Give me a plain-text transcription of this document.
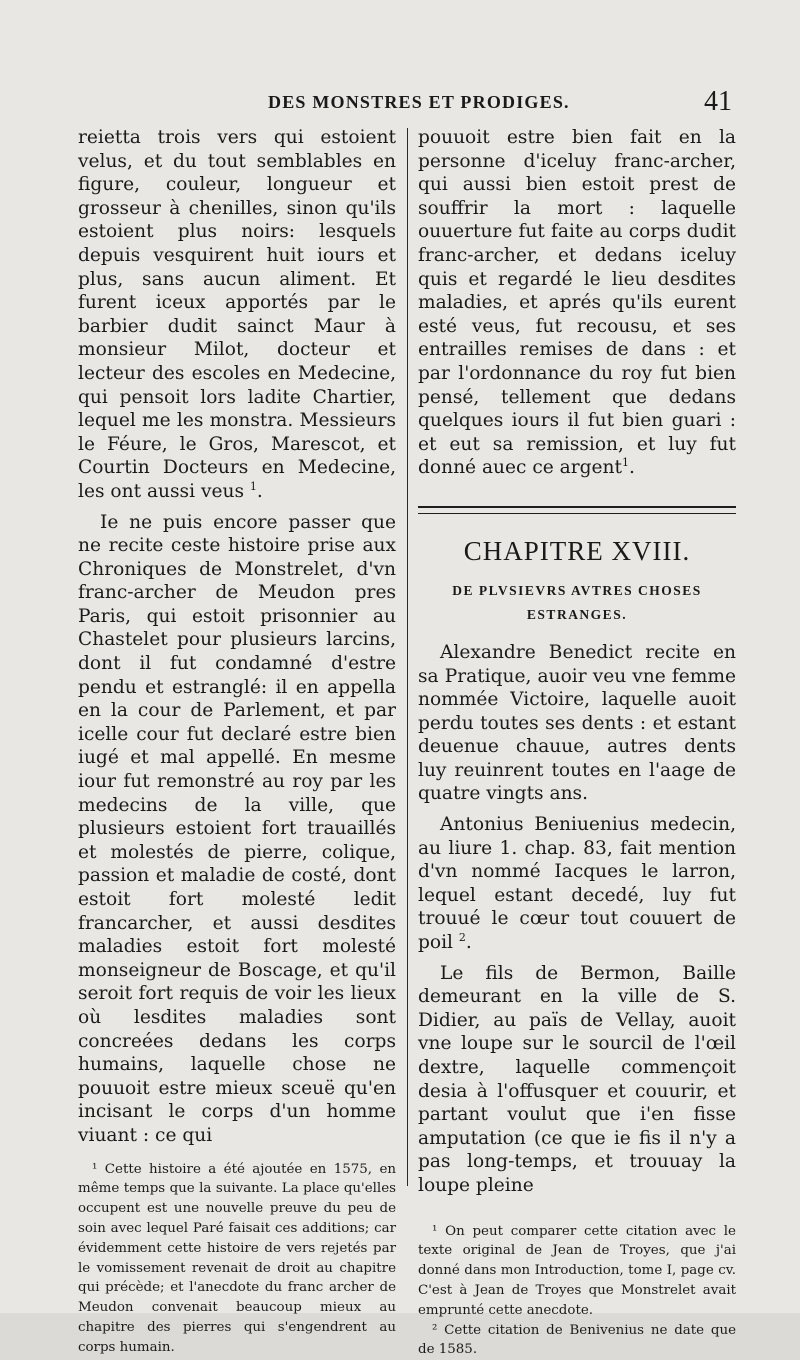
DES MONSTRES ET PRODIGES.	41

reietta trois vers qui estoient velus, et du tout semblables en figure, couleur, longueur et grosseur à chenilles, sinon qu'ils estoient plus noirs: lesquels depuis vesquirent huit iours et plus, sans aucun aliment. Et furent iceux apportés par le barbier dudit sainct Maur à monsieur Milot, docteur et lecteur des escoles en Medecine, qui pensoit lors ladite Chartier, lequel me les monstra. Messieurs le Féure, le Gros, Marescot, et Courtin Docteurs en Medecine, les ont aussi veus $^1$.

Ie ne puis encore passer que ne recite ceste histoire prise aux Chroniques de Monstrelet, d'vn franc-archer de Meudon pres Paris, qui estoit prisonnier au Chastelet pour plusieurs larcins, dont il fut condamné d'estre pendu et estranglé: il en appella en la cour de Parlement, et par icelle cour fut declaré estre bien iugé et mal appellé. En mesme iour fut remonstré au roy par les medecins de la ville, que plusieurs estoient fort trauaillés et molestés de pierre, colique, passion et maladie de costé, dont estoit fort molesté ledit francarcher, et aussi desdites maladies estoit fort molesté monseigneur de Boscage, et qu'il seroit fort requis de voir les lieux où lesdites maladies sont concreées dedans les corps humains, laquelle chose ne pouuoit estre mieux sceuë qu'en incisant le corps d'un homme viuant : ce qui

¹ Cette histoire a été ajoutée en 1575, en même temps que la suivante. La place qu'elles occupent est une nouvelle preuve du peu de soin avec lequel Paré faisait ces additions; car évidemment cette histoire de vers rejetés par le vomissement revenait de droit au chapitre qui précède; et l'anecdote du franc archer de Meudon convenait beaucoup mieux au chapitre des pierres qui s'engendrent au corps humain.

pouuoit estre bien fait en la personne d'iceluy franc-archer, qui aussi bien estoit prest de souffrir la mort : laquelle ouuerture fut faite au corps dudit franc-archer, et dedans iceluy quis et regardé le lieu desdites maladies, et aprés qu'ils eurent esté veus, fut recousu, et ses entrailles remises de dans : et par l'ordonnance du roy fut bien pensé, tellement que dedans quelques iours il fut bien guari : et eut sa remission, et luy fut donné auec ce argent$^1$.

CHAPITRE XVIII.
DE PLVSIEVRS AVTRES CHOSES ESTRANGES.

Alexandre Benedict recite en sa Pratique, auoir veu vne femme nommée Victoire, laquelle auoit perdu toutes ses dents : et estant deuenue chauue, autres dents luy reuinrent toutes en l'aage de quatre vingts ans.

Antonius Beniuenius medecin, au liure 1. chap. 83, fait mention d'vn nommé Iacques le larron, lequel estant decedé, luy fut trouué le cœur tout couuert de poil $^2$.

Le fils de Bermon, Baille demeurant en la ville de S. Didier, au païs de Vellay, auoit vne loupe sur le sourcil de l'œil dextre, laquelle commençoit desia à l'offusquer et couurir, et partant voulut que i'en fisse amputation (ce que ie fis il n'y a pas long-temps, et trouuay la loupe pleine

¹ On peut comparer cette citation avec le texte original de Jean de Troyes, que j'ai donné dans mon Introduction, tome I, page cv. C'est à Jean de Troyes que Monstrelet avait emprunté cette anecdote.

² Cette citation de Benivenius ne date que de 1585.
